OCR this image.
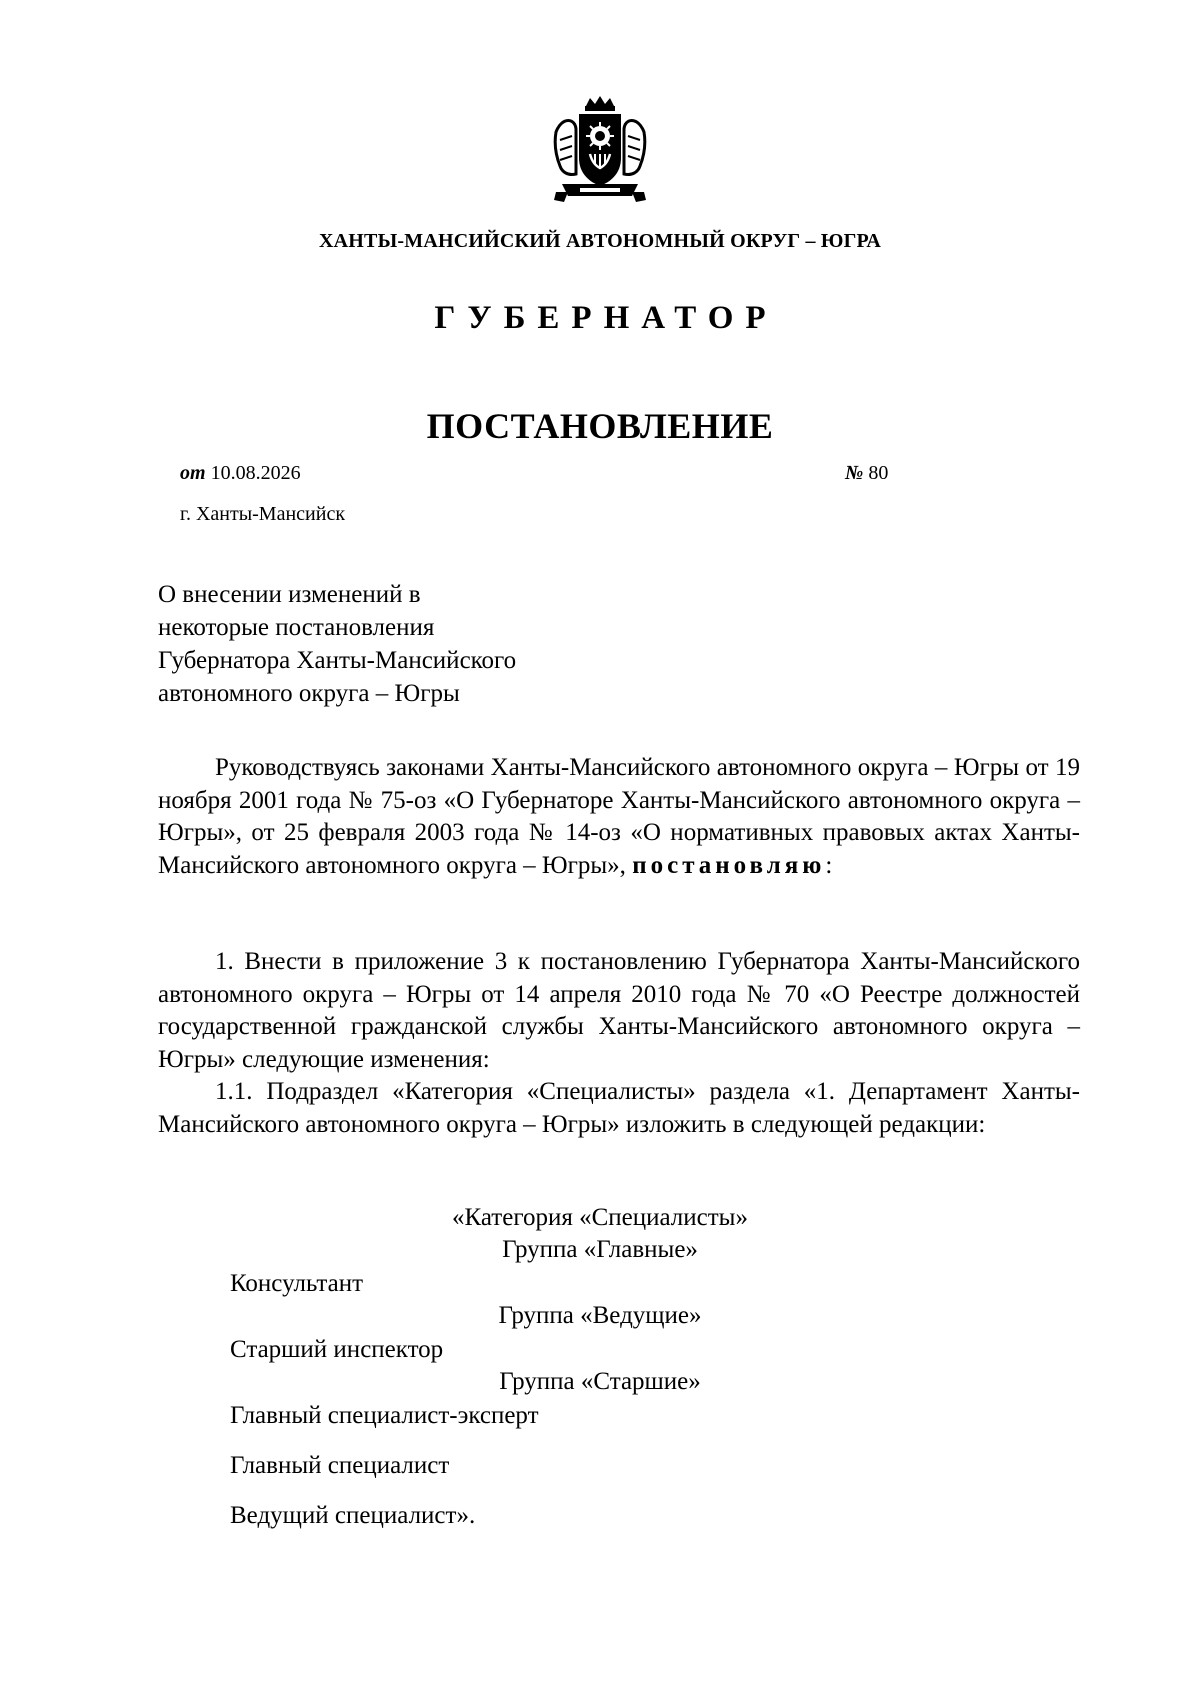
ХАНТЫ-МАНСИЙСКИЙ АВТОНОМНЫЙ ОКРУГ – ЮГРА
ГУБЕРНАТОР
ПОСТАНОВЛЕНИЕ
от 10.08.2026	№ 80
г. Ханты-Мансийск
О внесении изменений в
некоторые постановления
Губернатора Ханты-Мансийского
автономного округа – Югры
Руководствуясь законами Ханты-Мансийского автономного округа – Югры от 19 ноября 2001 года № 75-оз «О Губернаторе Ханты-Мансийского автономного округа – Югры», от 25 февраля 2003 года № 14-оз «О нормативных правовых актах Ханты-Мансийского автономного округа – Югры», постановляю:
1. Внести в приложение 3 к постановлению Губернатора Ханты-Мансийского автономного округа – Югры от 14 апреля 2010 года № 70 «О Реестре должностей государственной гражданской службы Ханты-Мансийского автономного округа – Югры» следующие изменения:
1.1. Подраздел «Категория «Специалисты» раздела «1. Департамент Ханты-Мансийского автономного округа – Югры» изложить в следующей редакции:
«Категория «Специалисты»
Группа «Главные»
Консультант
Группа «Ведущие»
Старший инспектор
Группа «Старшие»
Главный специалист-эксперт
Главный специалист
Ведущий специалист».
